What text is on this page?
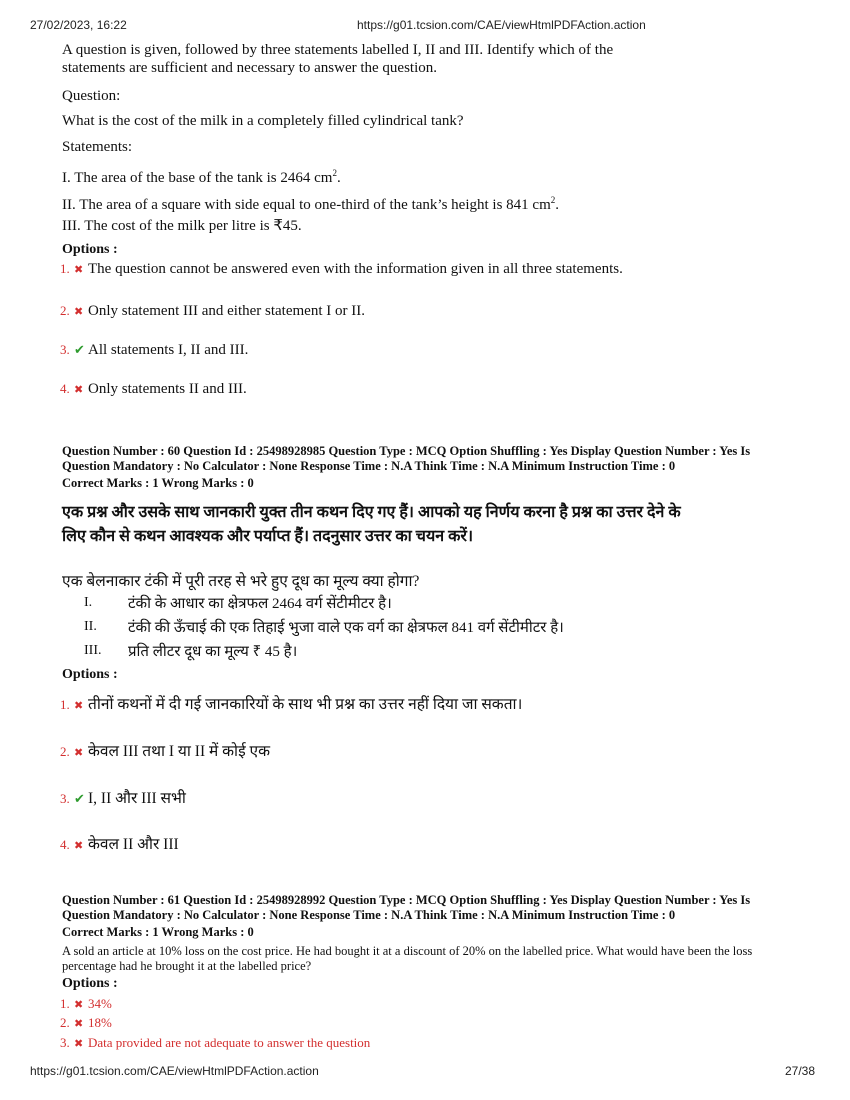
27/02/2023, 16:22	https://g01.tcsion.com/CAE/viewHtmlPDFAction.action
A question is given, followed by three statements labelled I, II and III. Identify which of the
statements are sufficient and necessary to answer the question.
Question:
What is the cost of the milk in a completely filled cylindrical tank?
Statements:
I. The area of the base of the tank is 2464 $cm^2$.
II. The area of a square with side equal to one-third of the tank’s height is 841 $cm^2$.
III. The cost of the milk per litre is ₹45.
Options :
1. ✖ The question cannot be answered even with the information given in all three statements.
2. ✖ Only statement III and either statement I or II.
3. ✔ All statements I, II and III.
4. ✖ Only statements II and III.
Question Number : 60 Question Id : 25498928985 Question Type : MCQ Option Shuffling : Yes Display Question Number : Yes Is
Question Mandatory : No Calculator : None Response Time : N.A Think Time : N.A Minimum Instruction Time : 0
Correct Marks : 1 Wrong Marks : 0
एक प्रश्न और उसके साथ जानकारी युक्त तीन कथन दिए गए हैं। आपको यह निर्णय करना है प्रश्न का उत्तर देने के
लिए कौन से कथन आवश्यक और पर्याप्त हैं। तदनुसार उत्तर का चयन करें।
एक बेलनाकार टंकी में पूरी तरह से भरे हुए दूध का मूल्य क्या होगा?
I. टंकी के आधार का क्षेत्रफल 2464 वर्ग सेंटीमीटर है।
II. टंकी की ऊँचाई की एक तिहाई भुजा वाले एक वर्ग का क्षेत्रफल 841 वर्ग सेंटीमीटर है।
III. प्रति लीटर दूध का मूल्य ₹ 45 है।
Options :
1. ✖ तीनों कथनों में दी गई जानकारियों के साथ भी प्रश्न का उत्तर नहीं दिया जा सकता।
2. ✖ केवल III तथा I या II में कोई एक
3. ✔ I, II और III सभी
4. ✖ केवल II और III
Question Number : 61 Question Id : 25498928992 Question Type : MCQ Option Shuffling : Yes Display Question Number : Yes Is
Question Mandatory : No Calculator : None Response Time : N.A Think Time : N.A Minimum Instruction Time : 0
Correct Marks : 1 Wrong Marks : 0
A sold an article at 10% loss on the cost price. He had bought it at a discount of 20% on the labelled price. What would have been the loss
percentage had he brought it at the labelled price?
Options :
1. ✖ 34%
2. ✖ 18%
3. ✖ Data provided are not adequate to answer the question
https://g01.tcsion.com/CAE/viewHtmlPDFAction.action	27/38
